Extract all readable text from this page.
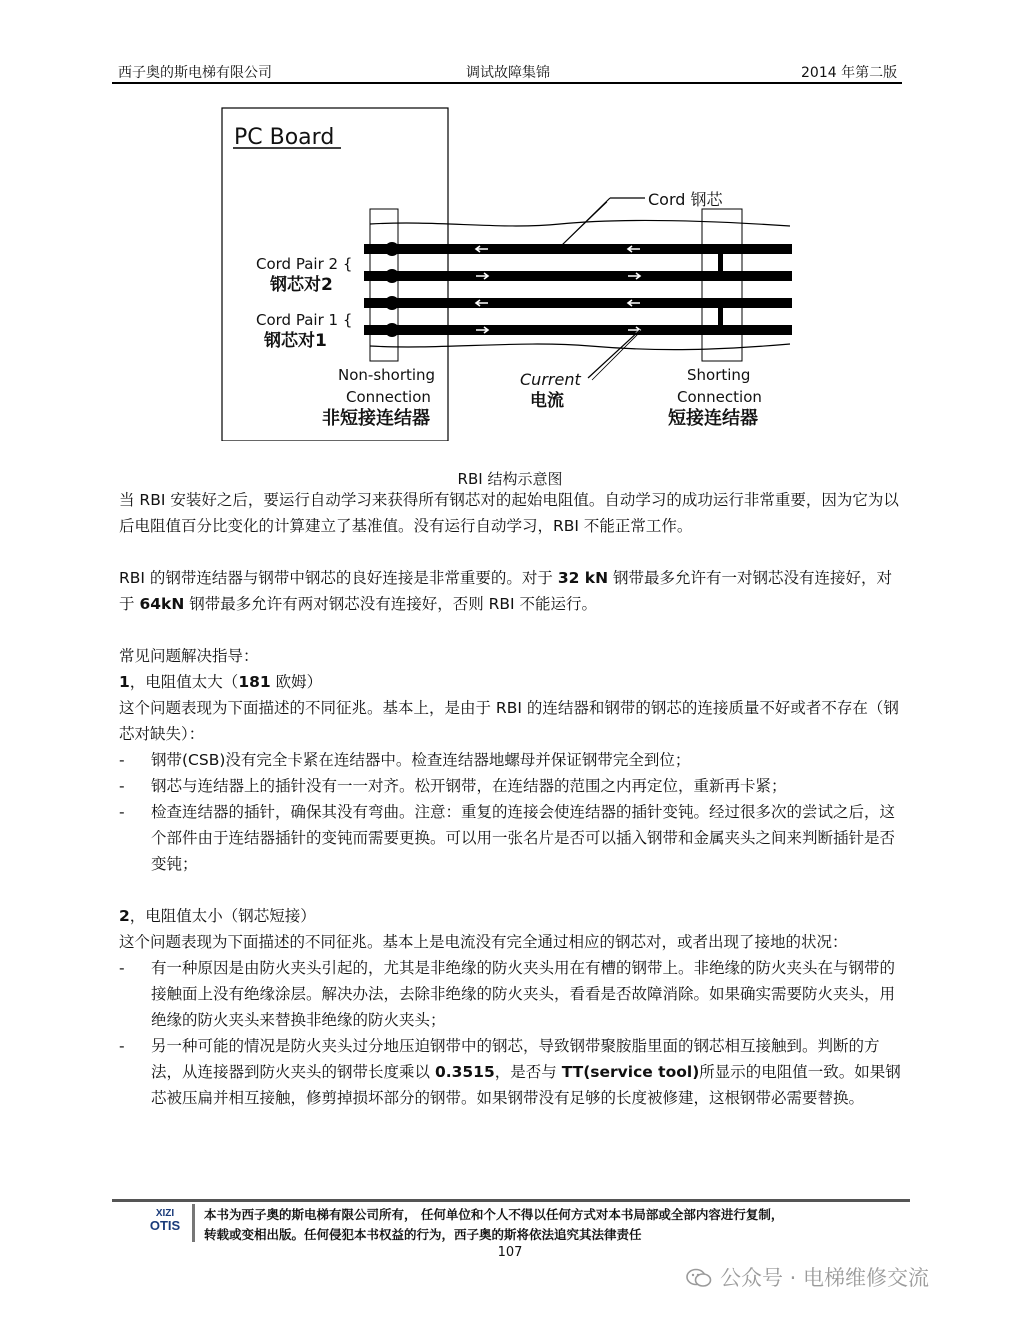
西子奥的斯电梯有限公司	调试故障集锦	2014 年第二版
PC Board
Cord 钢芯
Current
电流
Cord Pair 2 {
钢芯对2
Cord Pair 1 {
钢芯对1
Non-shorting
Connection
非短接连结器
Shorting
Connection
短接连结器
RBI 结构示意图

当 RBI 安装好之后，要运行自动学习来获得所有钢芯对的起始电阻值。自动学习的成功运行非常重要，因为它为以后电阻值百分比变化的计算建立了基准值。没有运行自动学习，RBI 不能正常工作。

RBI 的钢带连结器与钢带中钢芯的良好连接是非常重要的。对于 32 kN 钢带最多允许有一对钢芯没有连接好，对于 64kN 钢带最多允许有两对钢芯没有连接好，否则 RBI 不能运行。

常见问题解决指导：

1，电阻值太大（181 欧姆）

这个问题表现为下面描述的不同征兆。基本上，是由于 RBI 的连结器和钢带的钢芯的连接质量不好或者不存在（钢芯对缺失）：

- 钢带(CSB)没有完全卡紧在连结器中。检查连结器地螺母并保证钢带完全到位；
- 钢芯与连结器上的插针没有一一对齐。松开钢带，在连结器的范围之内再定位，重新再卡紧；
- 检查连结器的插针，确保其没有弯曲。注意：重复的连接会使连结器的插针变钝。经过很多次的尝试之后，这个部件由于连结器插针的变钝而需要更换。可以用一张名片是否可以插入钢带和金属夹头之间来判断插针是否变钝；

2，电阻值太小（钢芯短接）

这个问题表现为下面描述的不同征兆。基本上是电流没有完全通过相应的钢芯对，或者出现了接地的状况：

- 有一种原因是由防火夹头引起的，尤其是非绝缘的防火夹头用在有槽的钢带上。非绝缘的防火夹头在与钢带的接触面上没有绝缘涂层。解决办法，去除非绝缘的防火夹头，看看是否故障消除。如果确实需要防火夹头，用绝缘的防火夹头来替换非绝缘的防火夹头；
- 另一种可能的情况是防火夹头过分地压迫钢带中的钢芯，导致钢带聚胺脂里面的钢芯相互接触到。判断的方法，从连接器到防火夹头的钢带长度乘以 0.3515，是否与 TT(service tool)所显示的电阻值一致。如果钢芯被压扁并相互接触，修剪掉损坏部分的钢带。如果钢带没有足够的长度被修建，这根钢带必需要替换。
XIZI
OTIS
本书为西子奥的斯电梯有限公司所有， 任何单位和个人不得以任何方式对本书局部或全部内容进行复制，
转载或变相出版。任何侵犯本书权益的行为，西子奥的斯将依法追究其法律责任
107
公众号 · 电梯维修交流
